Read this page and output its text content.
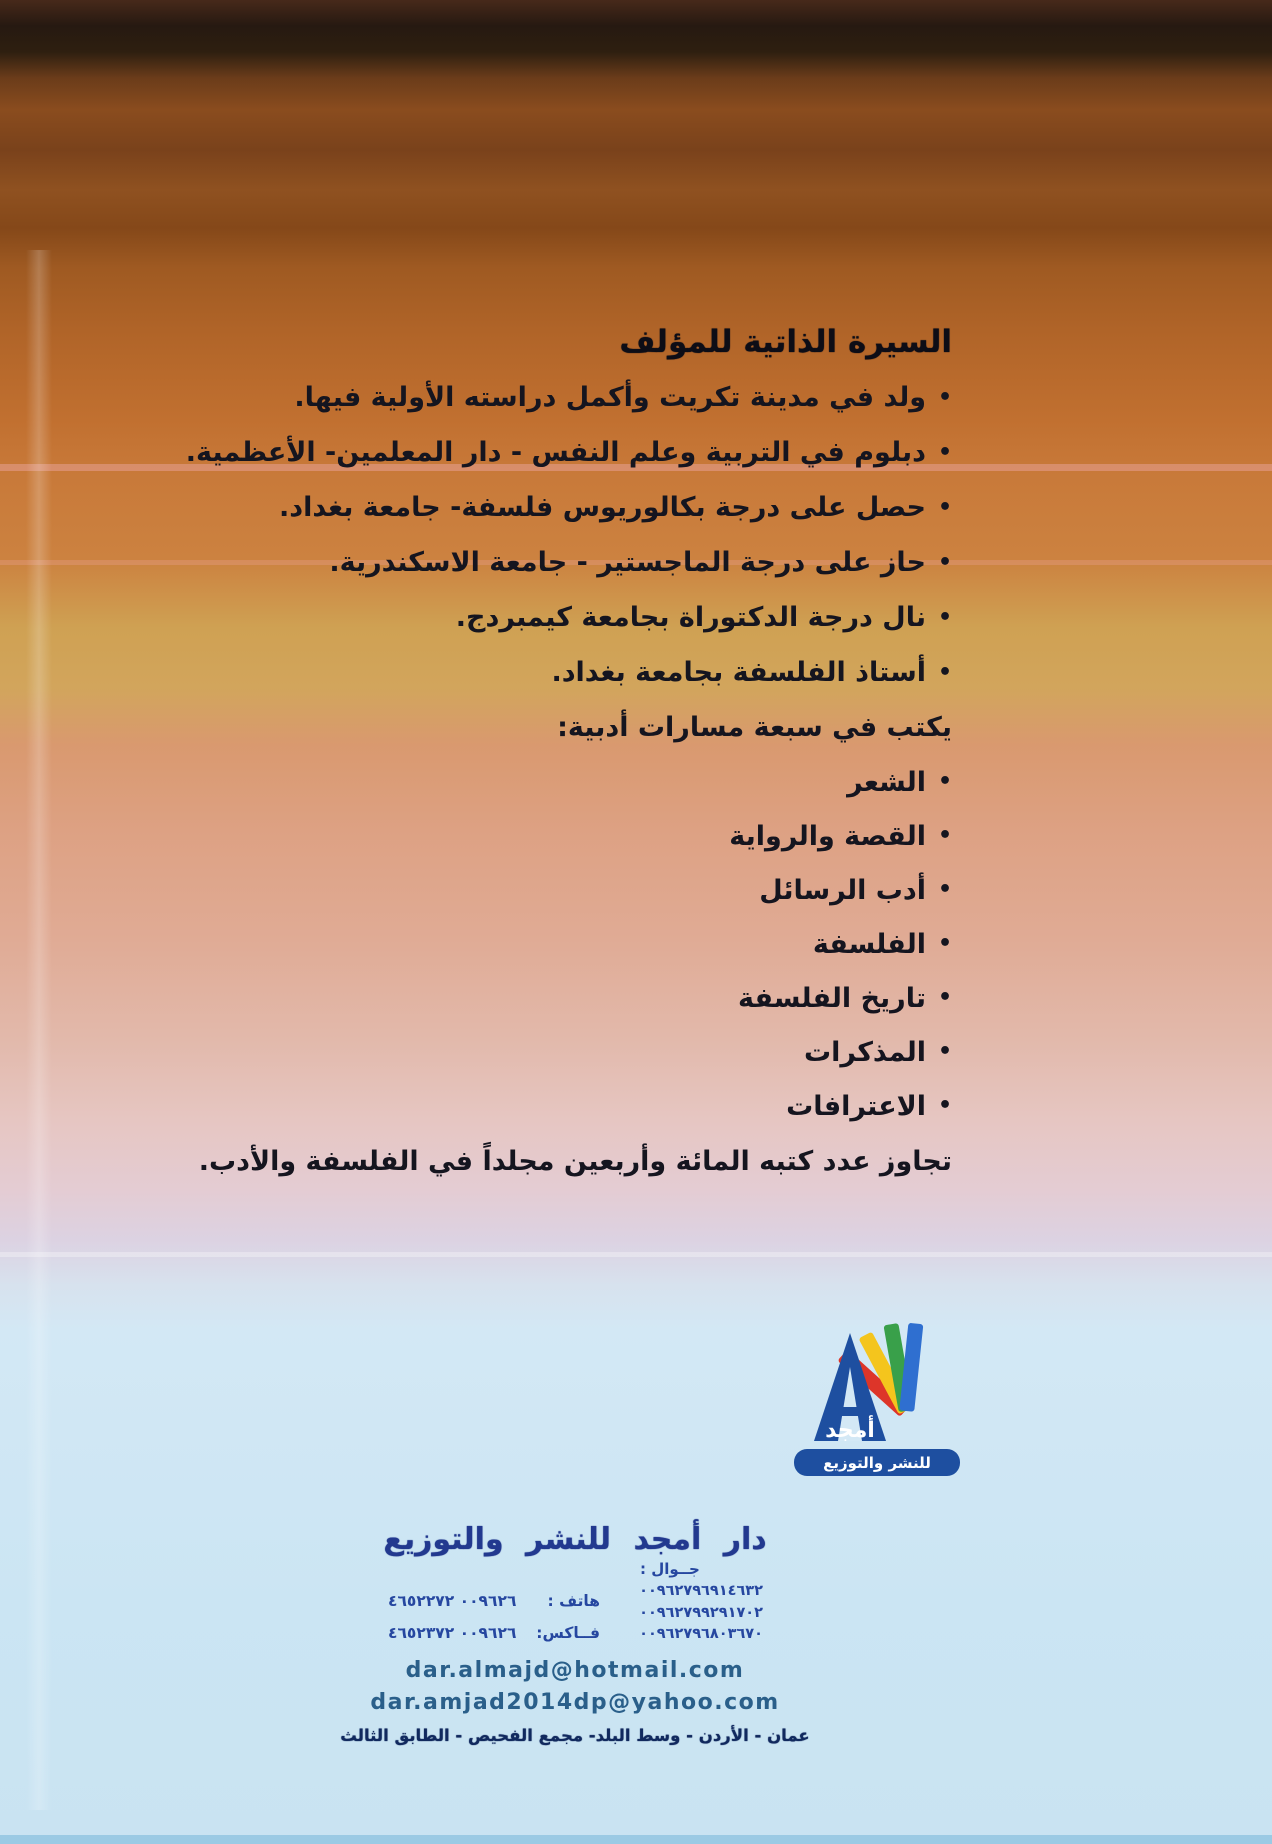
السيرة الذاتية للمؤلف
•
ولد في مدينة تكريت وأكمل دراسته الأولية فيها.
•
دبلوم في التربية وعلم النفس - دار المعلمين- الأعظمية.
•
حصل على درجة بكالوريوس فلسفة- جامعة بغداد.
•
حاز على درجة الماجستير - جامعة الاسكندرية.
•
نال درجة الدكتوراة بجامعة كيمبردج.
•
أستاذ الفلسفة بجامعة بغداد.
يكتب في سبعة مسارات أدبية:
•
الشعر
•
القصة والرواية
•
أدب الرسائل
•
الفلسفة
•
تاريخ الفلسفة
•
المذكرات
•
الاعترافات
تجاوز عدد كتبه المائة وأربعين مجلداً في الفلسفة والأدب.
دار أمجد للنشر والتوزيع
جــوال :
٠٠٩٦٢٧٩٦٩١٤٦٣٢
٠٠٩٦٢٧٩٩٢٩١٧٠٢
٠٠٩٦٢٧٩٦٨٠٣٦٧٠
هاتف :
٠٠٩٦٢٦ ٤٦٥٢٢٧٢
فــاكس:
٠٠٩٦٢٦ ٤٦٥٢٣٧٢
dar.almajd@hotmail.com
dar.amjad2014dp@yahoo.com
عمان - الأردن - وسط البلد- مجمع الفحيص - الطابق الثالث
أمجد
للنشر والتوزيع
